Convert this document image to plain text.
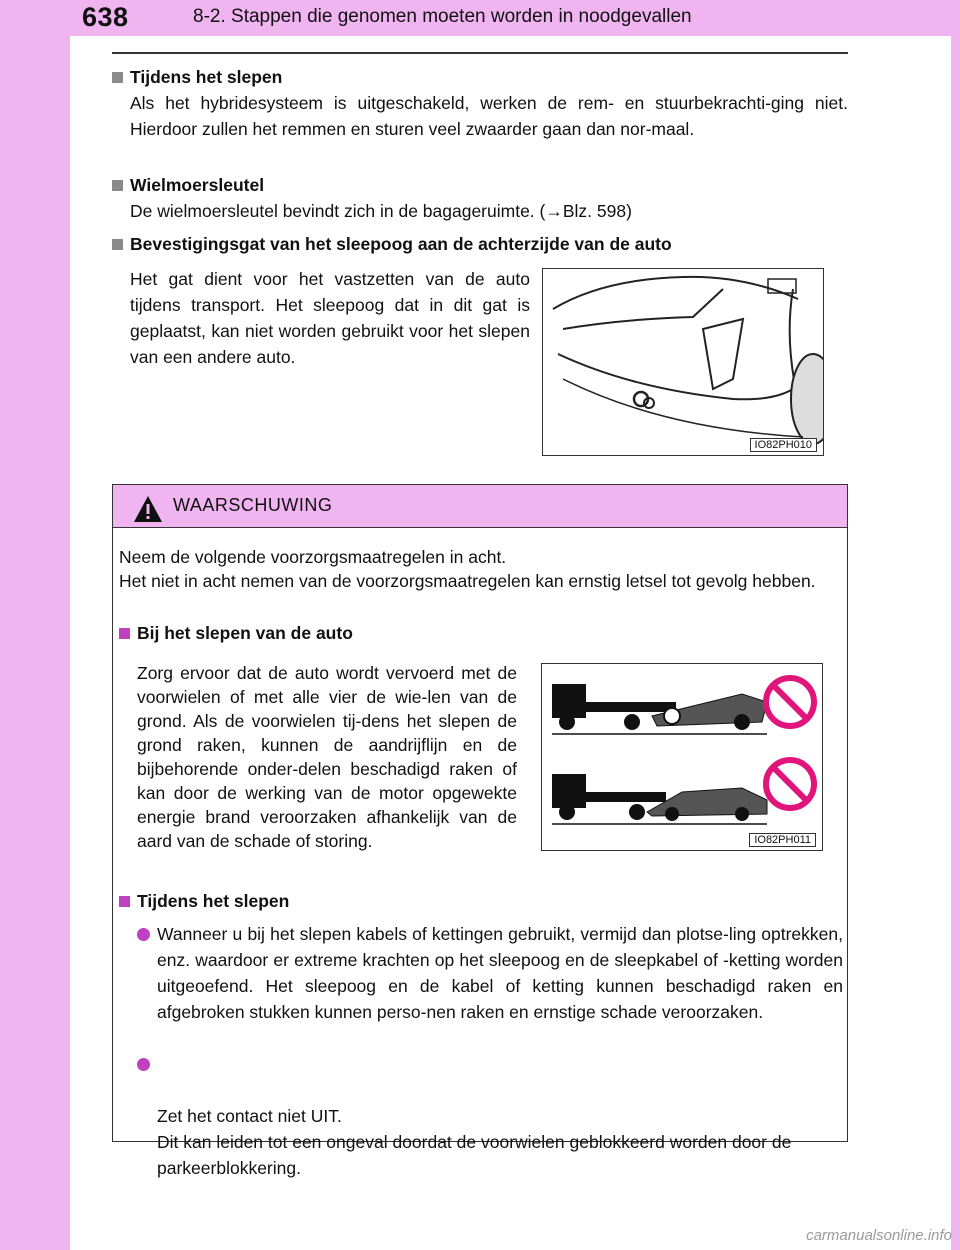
638	8-2. Stappen die genomen moeten worden in noodgevallen
Tijdens het slepen
Als het hybridesysteem is uitgeschakeld, werken de rem- en stuurbekrachti-ging niet. Hierdoor zullen het remmen en sturen veel zwaarder gaan dan nor-maal.
Wielmoersleutel
De wielmoersleutel bevindt zich in de bagageruimte. (→Blz. 598)
Bevestigingsgat van het sleepoog aan de achterzijde van de auto
Het gat dient voor het vastzetten van de auto tijdens transport. Het sleepoog dat in dit gat is geplaatst, kan niet worden gebruikt voor het slepen van een andere auto.
IO82PH010
WAARSCHUWING
Neem de volgende voorzorgsmaatregelen in acht.
Het niet in acht nemen van de voorzorgsmaatregelen kan ernstig letsel tot gevolg hebben.
Bij het slepen van de auto
Zorg ervoor dat de auto wordt vervoerd met de voorwielen of met alle vier de wie-len van de grond. Als de voorwielen tij-dens het slepen de grond raken, kunnen de aandrijflijn en de bijbehorende onder-delen beschadigd raken of kan door de werking van de motor opgewekte energie brand veroorzaken afhankelijk van de aard van de schade of storing.	IO82PH011
Tijdens het slepen
Wanneer u bij het slepen kabels of kettingen gebruikt, vermijd dan plotse-ling optrekken, enz. waardoor er extreme krachten op het sleepoog en de sleepkabel of -ketting worden uitgeoefend. Het sleepoog en de kabel of ketting kunnen beschadigd raken en afgebroken stukken kunnen perso-nen raken en ernstige schade veroorzaken.

Zet het contact niet UIT.
Dit kan leiden tot een ongeval doordat de voorwielen geblokkeerd worden door de parkeerblokkering.

carmanualsonline.info
